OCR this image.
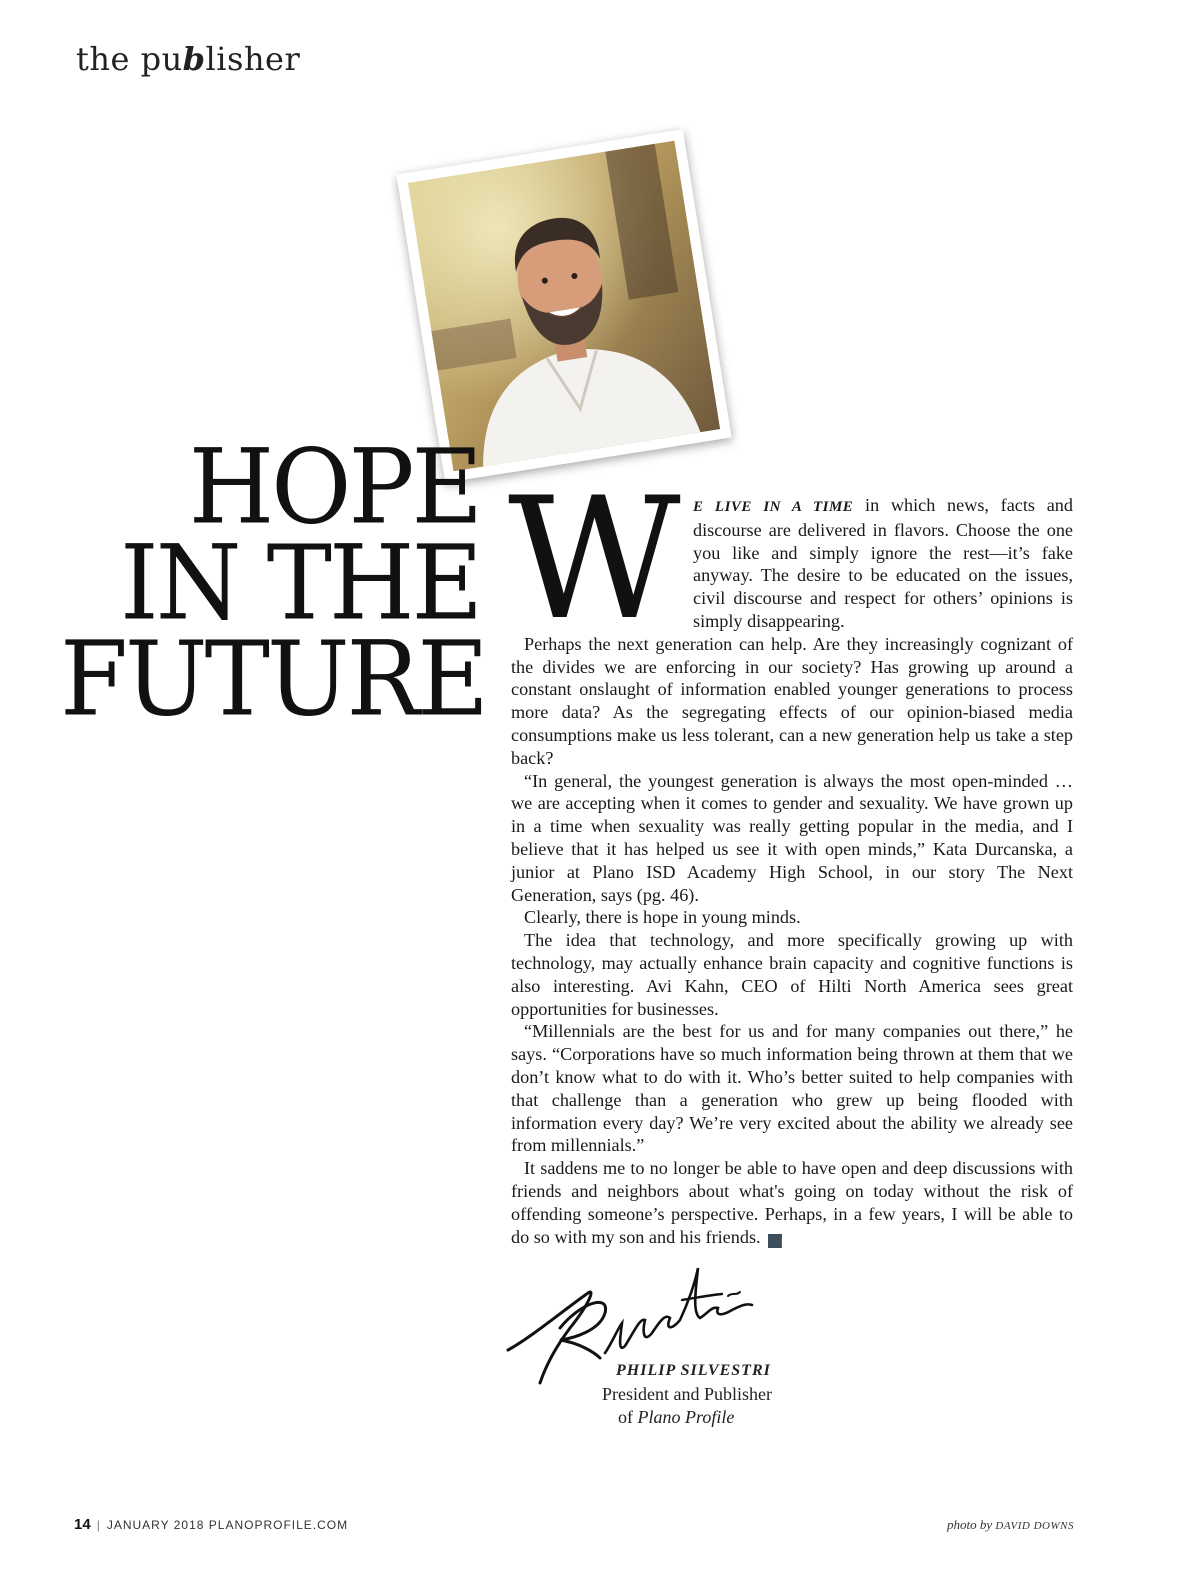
the publisher
HOPE
IN THE
FUTURE
W E LIVE IN A TIME in which news, facts and discourse are delivered in flavors. Choose the one you like and simply ignore the rest—it’s fake anyway. The desire to be educated on the issues, civil discourse and respect for others’ opinions is simply disappearing.

Perhaps the next generation can help. Are they increasingly cognizant of the divides we are enforcing in our society? Has growing up around a constant onslaught of information enabled younger generations to process more data? As the segregating effects of our opinion-biased media consumptions make us less tolerant, can a new generation help us take a step back?

“In general, the youngest generation is always the most open-minded … we are accepting when it comes to gender and sexuality. We have grown up in a time when sexuality was really getting popular in the media, and I believe that it has helped us see it with open minds,” Kata Durcanska, a junior at Plano ISD Academy High School, in our story The Next Generation, says (pg. 46).

Clearly, there is hope in young minds.

The idea that technology, and more specifically growing up with technology, may actually enhance brain capacity and cognitive functions is also interesting. Avi Kahn, CEO of Hilti North America sees great opportunities for businesses.

“Millennials are the best for us and for many companies out there,” he says. “Corporations have so much information being thrown at them that we don’t know what to do with it. Who’s better suited to help companies with that challenge than a generation who grew up being flooded with information every day? We’re very excited about the ability we already see from millennials.”

It saddens me to no longer be able to have open and deep discussions with friends and neighbors about what's going on today without the risk of offending someone’s perspective. Perhaps, in a few years, I will be able to do so with my son and his friends. p

PHILIP SILVESTRI
President and Publisher
of Plano Profile
14 | JANUARY 2018 PLANOPROFILE.COM	photo by DAVID DOWNS
